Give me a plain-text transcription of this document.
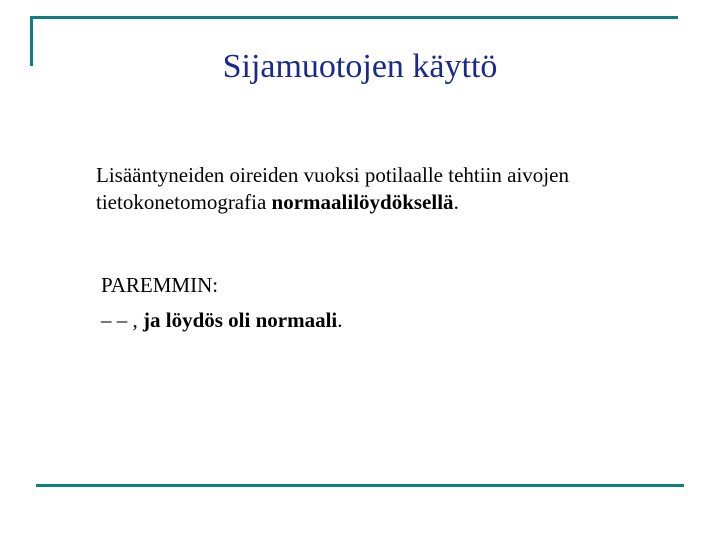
Sijamuotojen käyttö

Lisääntyneiden oireiden vuoksi potilaalle tehtiin aivojen tietokonetomografia normaalilöydöksellä.

PAREMMIN:

– – , ja löydös oli normaali.
